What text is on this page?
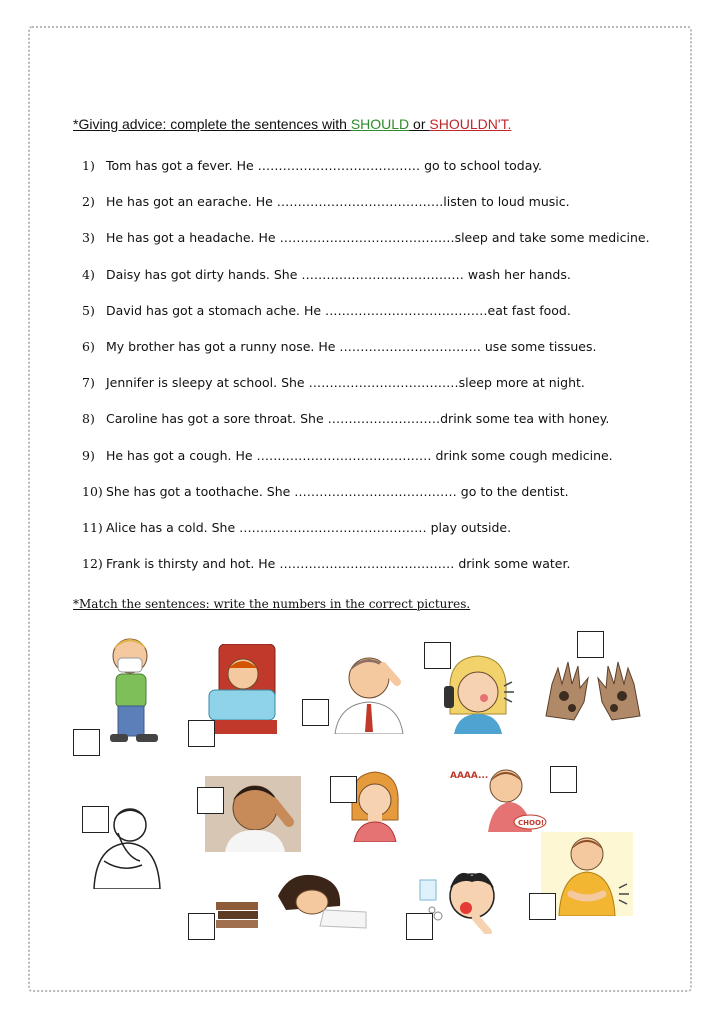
*Giving advice: complete the sentences with SHOULD or SHOULDN'T.
1) Tom has got a fever. He ………………………………… go to school today.
2) He has got an earache. He ………………………………….listen to loud music.
3) He has got a headache. He ……………………………………sleep and take some medicine.
4) Daisy has got dirty hands. She ………………………………… wash her hands.
5) David has got a stomach ache. He …………………………………eat fast food.
6) My brother has got a runny nose. He ……………………………. use some tissues.
7) Jennifer is sleepy at school. She ………………………………sleep more at night.
8) Caroline has got a sore throat. She ………………………drink some tea with honey.
9) He has got a cough. He …………………………………… drink some cough medicine.
10) She has got a toothache. She ………………………………… go to the dentist.
11) Alice has a cold. She ……………………………………… play outside.
12) Frank is thirsty and hot. He …………………………………… drink some water.
*Match the sentences: write the numbers in the correct pictures.
AAAA...
CHOO!
